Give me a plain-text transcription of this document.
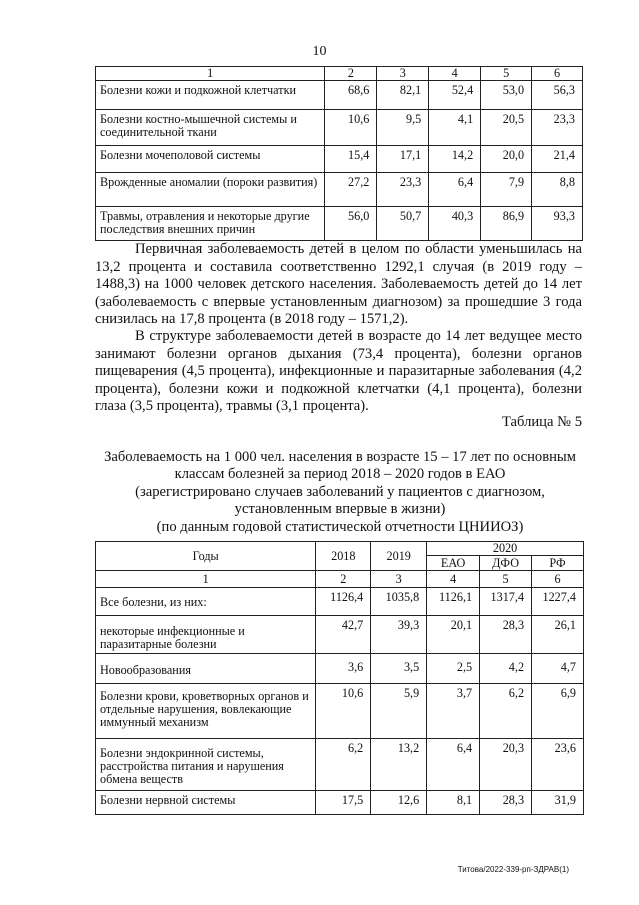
10
1	2	3	4	5	6
Болезни кожи и подкожной клетчатки	68,6	82,1	52,4	53,0	56,3
Болезни костно-мышечной системы и соединительной ткани	10,6	9,5	4,1	20,5	23,3
Болезни мочеполовой системы	15,4	17,1	14,2	20,0	21,4
Врожденные аномалии (пороки развития)	27,2	23,3	6,4	7,9	8,8
Травмы, отравления и некоторые другие последствия внешних причин	56,0	50,7	40,3	86,9	93,3

Первичная заболеваемость детей в целом по области уменьшилась на 13,2 процента и составила соответственно 1292,1 случая (в 2019 году – 1488,3) на 1000 человек детского населения. Заболеваемость детей до 14 лет (заболеваемость с впервые установленным диагнозом) за прошедшие 3 года снизилась на 17,8 процента (в 2018 году – 1571,2).

В структуре заболеваемости детей в возрасте до 14 лет ведущее место занимают болезни органов дыхания (73,4 процента), болезни органов пищеварения (4,5 процента), инфекционные и паразитарные заболевания (4,2 процента), болезни кожи и подкожной клетчатки (4,1 процента), болезни глаза (3,5 процента), травмы (3,1 процента).

Таблица № 5
Заболеваемость на 1 000 чел. населения в возрасте 15 – 17 лет по основным
классам болезней за период 2018 – 2020 годов в ЕАО
(зарегистрировано случаев заболеваний у пациентов с диагнозом,
установленным впервые в жизни)
(по данным годовой статистической отчетности ЦНИИОЗ)
Годы	2018	2019	2020		
			ЕАО	ДФО	РФ
1	2	3	4	5	6
Все болезни, из них:	1126,4	1035,8	1126,1	1317,4	1227,4
некоторые инфекционные и паразитарные болезни	42,7	39,3	20,1	28,3	26,1
Новообразования	3,6	3,5	2,5	4,2	4,7
Болезни крови, кроветворных органов и отдельные нарушения, вовлекающие иммунный механизм	10,6	5,9	3,7	6,2	6,9
Болезни эндокринной системы, расстройства питания и нарушения обмена веществ	6,2	13,2	6,4	20,3	23,6
Болезни нервной системы	17,5	12,6	8,1	28,3	31,9
Титова/2022-339-рп-ЗДРАВ(1)
